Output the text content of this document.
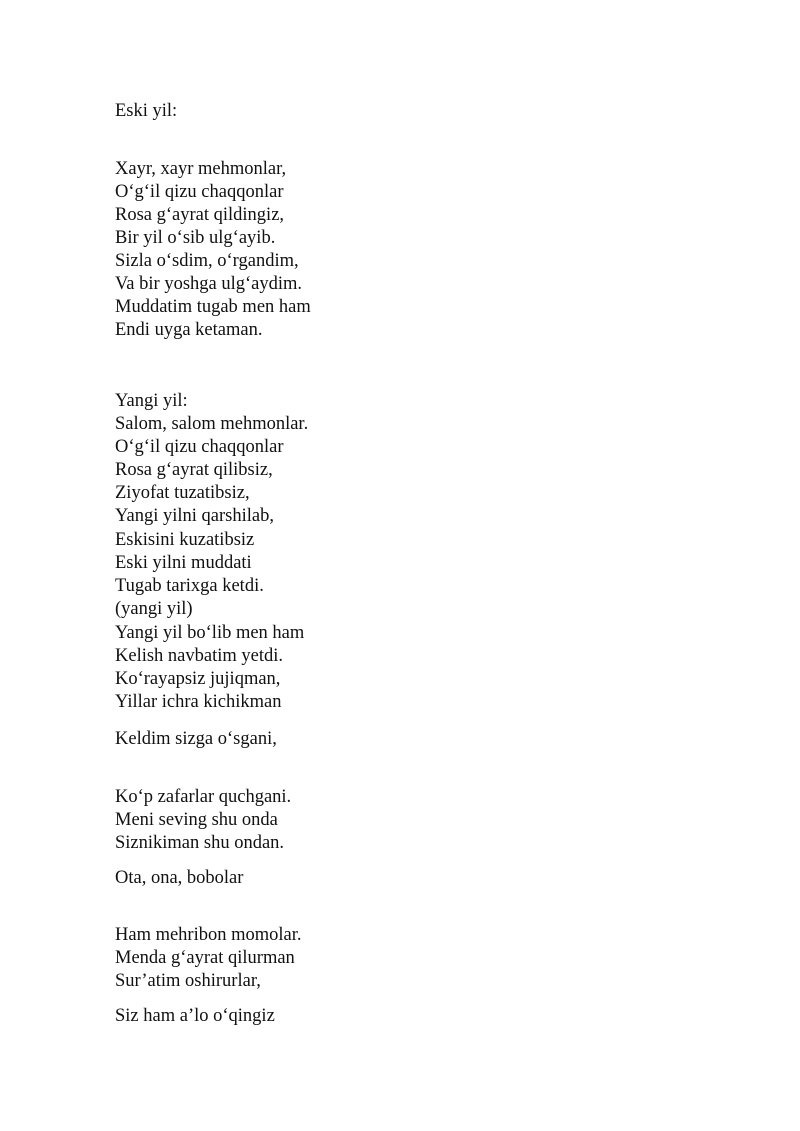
Eski yil:

Xayr, xayr mehmonlar,

O‘g‘il qizu chaqqonlar

Rosa g‘ayrat qildingiz,

Bir yil o‘sib ulg‘ayib.

Sizla o‘sdim, o‘rgandim,

Va bir yoshga ulg‘aydim.

Muddatim tugab men ham

Endi uyga ketaman.

Yangi yil:

Salom, salom mehmonlar.

O‘g‘il qizu chaqqonlar

Rosa g‘ayrat qilibsiz,

Ziyofat tuzatibsiz,

Yangi yilni qarshilab,

Eskisini kuzatibsiz

Eski yilni muddati

Tugab tarixga ketdi.

(yangi yil)

Yangi yil bo‘lib men ham

Kelish navbatim yetdi.

Ko‘rayapsiz jujiqman,

Yillar ichra kichikman

Keldim sizga o‘sgani,

Ko‘p zafarlar quchgani.

Meni seving shu onda

Siznikiman shu ondan.

Ota, ona, bobolar

Ham mehribon momolar.

Menda g‘ayrat qilurman

Sur’atim oshirurlar,

Siz ham a’lo o‘qingiz
